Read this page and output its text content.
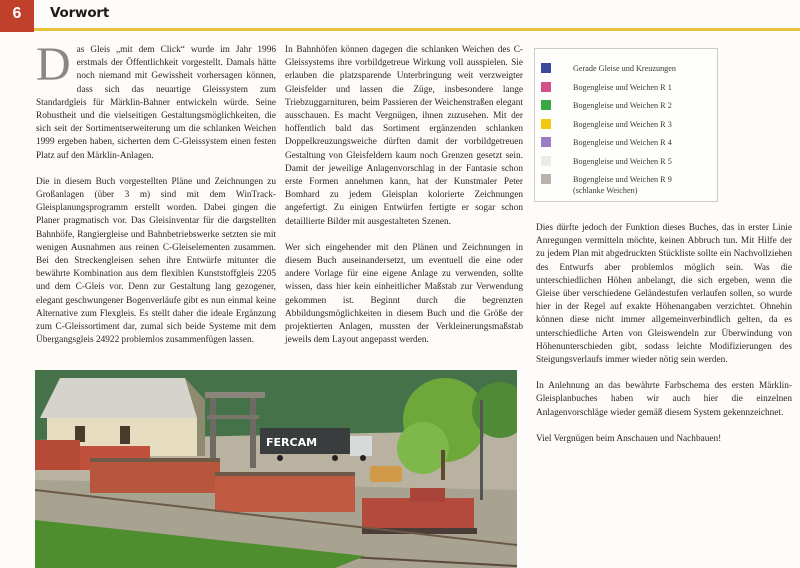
6	Vorwort

Das Gleis „mit dem Click“ wurde im Jahr 1996 erstmals der Öffentlichkeit vorgestellt. Damals hätte noch niemand mit Gewissheit vorhersagen können, dass sich das neuartige Gleissystem zum Standardgleis für Märklin-Bahner entwickeln würde. Seine Robustheit und die vielseitigen Gestaltungsmöglichkeiten, die sich seit der Sortimentserweiterung um die schlanken Weichen 1999 ergeben haben, sicherten dem C-Gleissystem einen festen Platz auf den Märklin-Anlagen.

Die in diesem Buch vorgestellten Pläne und Zeichnungen zu Großanlagen (über 3 m) sind mit dem WinTrack-Gleisplanungsprogramm erstellt worden. Dabei gingen die Planer pragmatisch vor. Das Gleisinventar für die dargstellten Bahnhöfe, Rangiergleise und Bahnbetriebswerke setzten sie mit wenigen Ausnahmen aus reinen C-Gleiselementen zusammen. Bei den Streckengleisen sehen ihre Entwürfe mitunter die bewährte Kombination aus dem flexiblen Kunststoffgleis 2205 und dem C-Gleis vor. Denn zur Gestaltung lang gezogener, elegant geschwungener Bogenverläufe gibt es nun einmal keine Alternative zum Flexgleis. Es stellt daher die ideale Ergänzung zum C-Gleissortiment dar, zumal sich beide Systeme mit dem Übergangsgleis 24922 problemlos zusammenfügen lassen.

In Bahnhöfen können dagegen die schlanken Weichen des C-Gleissystems ihre vorbildgetreue Wirkung voll ausspielen. Sie erlauben die platzsparende Unterbringung weit verzweigter Gleisfelder und lassen die Züge, insbesondere lange Triebzuggarnituren, beim Passieren der Weichenstraßen elegant ausschauen. Es macht Vergnügen, ihnen zuzusehen. Mit der hoffentlich bald das Sortiment ergänzenden schlanken Doppelkreuzungsweiche dürften damit der vorbildgetreuen Gestaltung von Gleisfeldern kaum noch Grenzen gesetzt sein. Damit der jeweilige Anlagenvorschlag in der Fantasie schon erste Formen annehmen kann, hat der Kunstmaler Peter Bomhard zu jedem Gleisplan kolorierte Zeichnungen angefertigt. Zu einigen Entwürfen fertigte er sogar schon detaillierte Bilder mit ausgestalteten Szenen.

Wer sich eingehender mit den Plänen und Zeichnungen in diesem Buch auseinandersetzt, um eventuell die eine oder andere Vorlage für eine eigene Anlage zu verwenden, sollte wissen, dass hier kein einheitlicher Maßstab zur Verwendung gekommen ist. Beginnt durch die begrenzten Abbildungsmöglichkeiten in diesem Buch und die Größe der projektierten Anlagen, mussten der Verkleinerungsmaßstab jeweils dem Layout angepasst werden.

Gerade Gleise und Kreuzungen
Bogengleise und Weichen R 1
Bogengleise und Weichen R 2
Bogengleise und Weichen R 3
Bogengleise und Weichen R 4
Bogengleise und Weichen R 5
Bogengleise und Weichen R 9
(schlanke Weichen)

Dies dürfte jedoch der Funktion dieses Buches, das in erster Linie Anregungen vermitteln möchte, keinen Abbruch tun. Mit Hilfe der zu jedem Plan mit abgedruckten Stückliste sollte ein Nachvollziehen des Entwurfs aber problemlos möglich sein. Was die unterschiedlichen Höhen anbelangt, die sich ergeben, wenn die Gleise über verschiedene Geländestufen verlaufen sollen, so wurde hier in der Regel auf exakte Höhenangaben verzichtet. Ohnehin können diese nicht immer allgemeinverbindlich gelten, da es unterschiedliche Arten von Gleiswendeln zur Überwindung von Höhenunterschieden gibt, sodass leichte Modifizierungen des Steigungsverlaufs immer wieder nötig sein werden.

In Anlehnung an das bewährte Farbschema des ersten Märklin-Gleisplanbuches haben wir auch hier die einzelnen Anlagenvorschläge wieder gemäß diesem System gekennzeichnet.

Viel Vergnügen beim Anschauen und Nachbauen!

FERCAM
